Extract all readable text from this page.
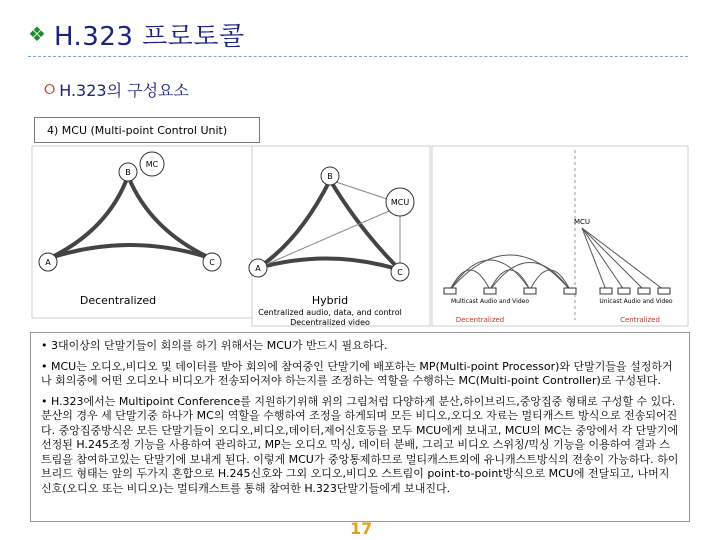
❖ H.323 프로토콜
⭘ H.323의 구성요소
4) MCU (Multi-point Control Unit)
MC
B
A	C
Decentralized
B
MCU
A	C
Hybrid
Centralized audio, data, and control
Decentralized video
MCU
Multicast Audio and Video	Unicast Audio and Video
Decentralized	Centralized

• 3대이상의 단말기들이 회의를 하기 위해서는 MCU가 반드시 필요하다.

• MCU는 오디오,비디오 및 데이터를 받아 회의에 참여중인 단말기에 배포하는 MP(Multi-point Processor)와 단말기들을 설정하거나 회의중에 어떤 오디오나 비디오가 전송되어져야 하는지를 조정하는 역할을 수행하는 MC(Multi-point Controller)로 구성된다.

• H.323에서는 Multipoint Conference를 지원하기위해 위의 그림처럼 다양하게 분산,하이브리드,중앙집중 형태로 구성할 수 있다. 분산의 경우 세 단말기중 하나가 MC의 역할을 수행하여 조정을 하게되며 모든 비디오,오디오 자료는 멀티캐스트 방식으로 전송되어진다. 중앙집중방식은 모든 단말기들이 오디오,비디오,데이터,제어신호등을 모두 MCU에게 보내고, MCU의 MC는 중앙에서 각 단말기에 선정된 H.245조정 기능을 사용하여 관리하고, MP는 오디오 믹싱, 데이터 분배, 그리고 비디오 스위칭/믹싱 기능을 이용하여 결과 스트림을 참여하고있는 단말기에 보내게 된다. 이렇게 MCU가 중앙통제하므로 멀티캐스트외에 유니캐스트방식의 전송이 가능하다. 하이브리드 형태는 앞의 두가지 혼합으로 H.245신호와 그외 오디오,비디오 스트림이 point-to-point방식으로 MCU에 전달되고, 나머지 신호(오디오 또는 비디오)는 멀티캐스트를 통해 참여한 H.323단말기들에게 보내진다.

17
